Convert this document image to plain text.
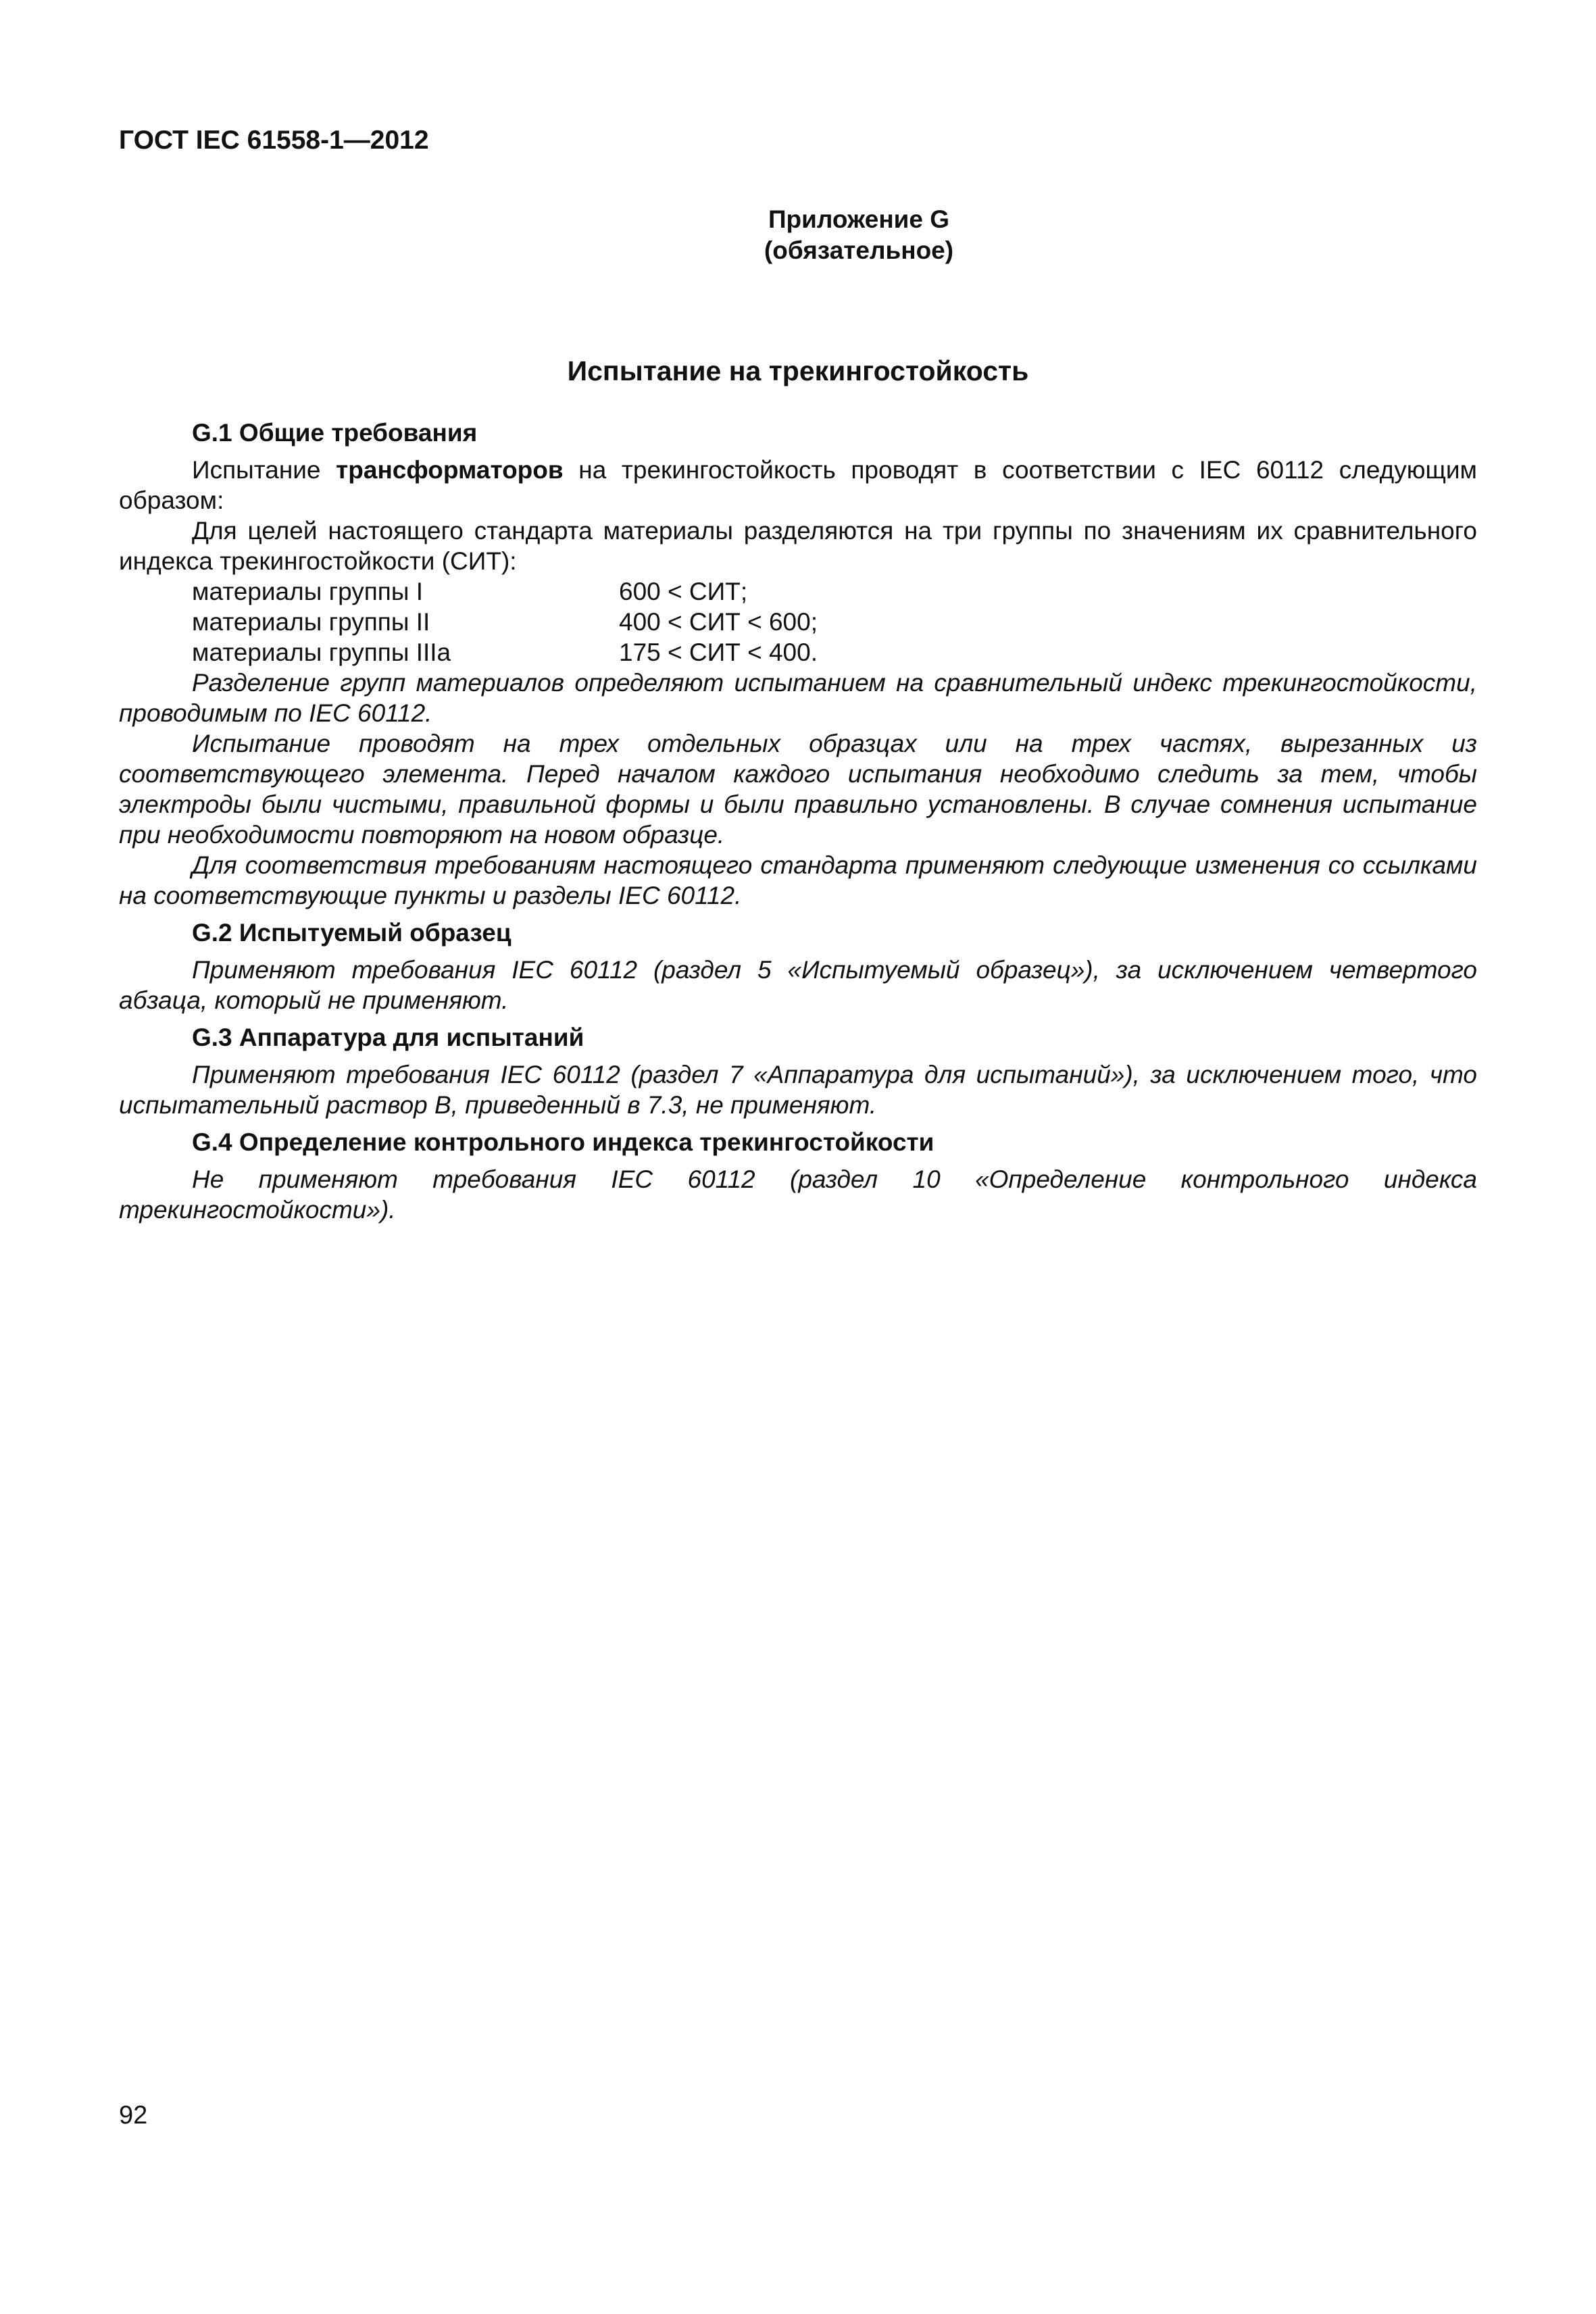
ГОСТ IEC 61558-1—2012
Приложение G
(обязательное)
Испытание на трекингостойкость
G.1 Общие требования

Испытание трансформаторов на трекингостойкость проводят в соответствии с IEC 60112 следующим образом:

Для целей настоящего стандарта материалы разделяются на три группы по значениям их сравнительного индекса трекингостойкости (СИТ):

материалы группы I	600 < СИТ;
материалы группы II	400 < СИТ < 600;
материалы группы IIIa	175 < СИТ < 400.

Разделение групп материалов определяют испытанием на сравнительный индекс трекингостойкости, проводимым по IEC 60112.

Испытание проводят на трех отдельных образцах или на трех частях, вырезанных из соответствующего элемента. Перед началом каждого испытания необходимо следить за тем, чтобы электроды были чистыми, правильной формы и были правильно установлены. В случае сомнения испытание при необходимости повторяют на новом образце.

Для соответствия требованиям настоящего стандарта применяют следующие изменения со ссылками на соответствующие пункты и разделы IEC 60112.

G.2 Испытуемый образец

Применяют требования IEC 60112 (раздел 5 «Испытуемый образец»), за исключением четвертого абзаца, который не применяют.

G.3 Аппаратура для испытаний

Применяют требования IEC 60112 (раздел 7 «Аппаратура для испытаний»), за исключением того, что испытательный раствор В, приведенный в 7.3, не применяют.

G.4 Определение контрольного индекса трекингостойкости

Не применяют требования IEC 60112 (раздел 10 «Определение контрольного индекса трекингостойкости»).

92
